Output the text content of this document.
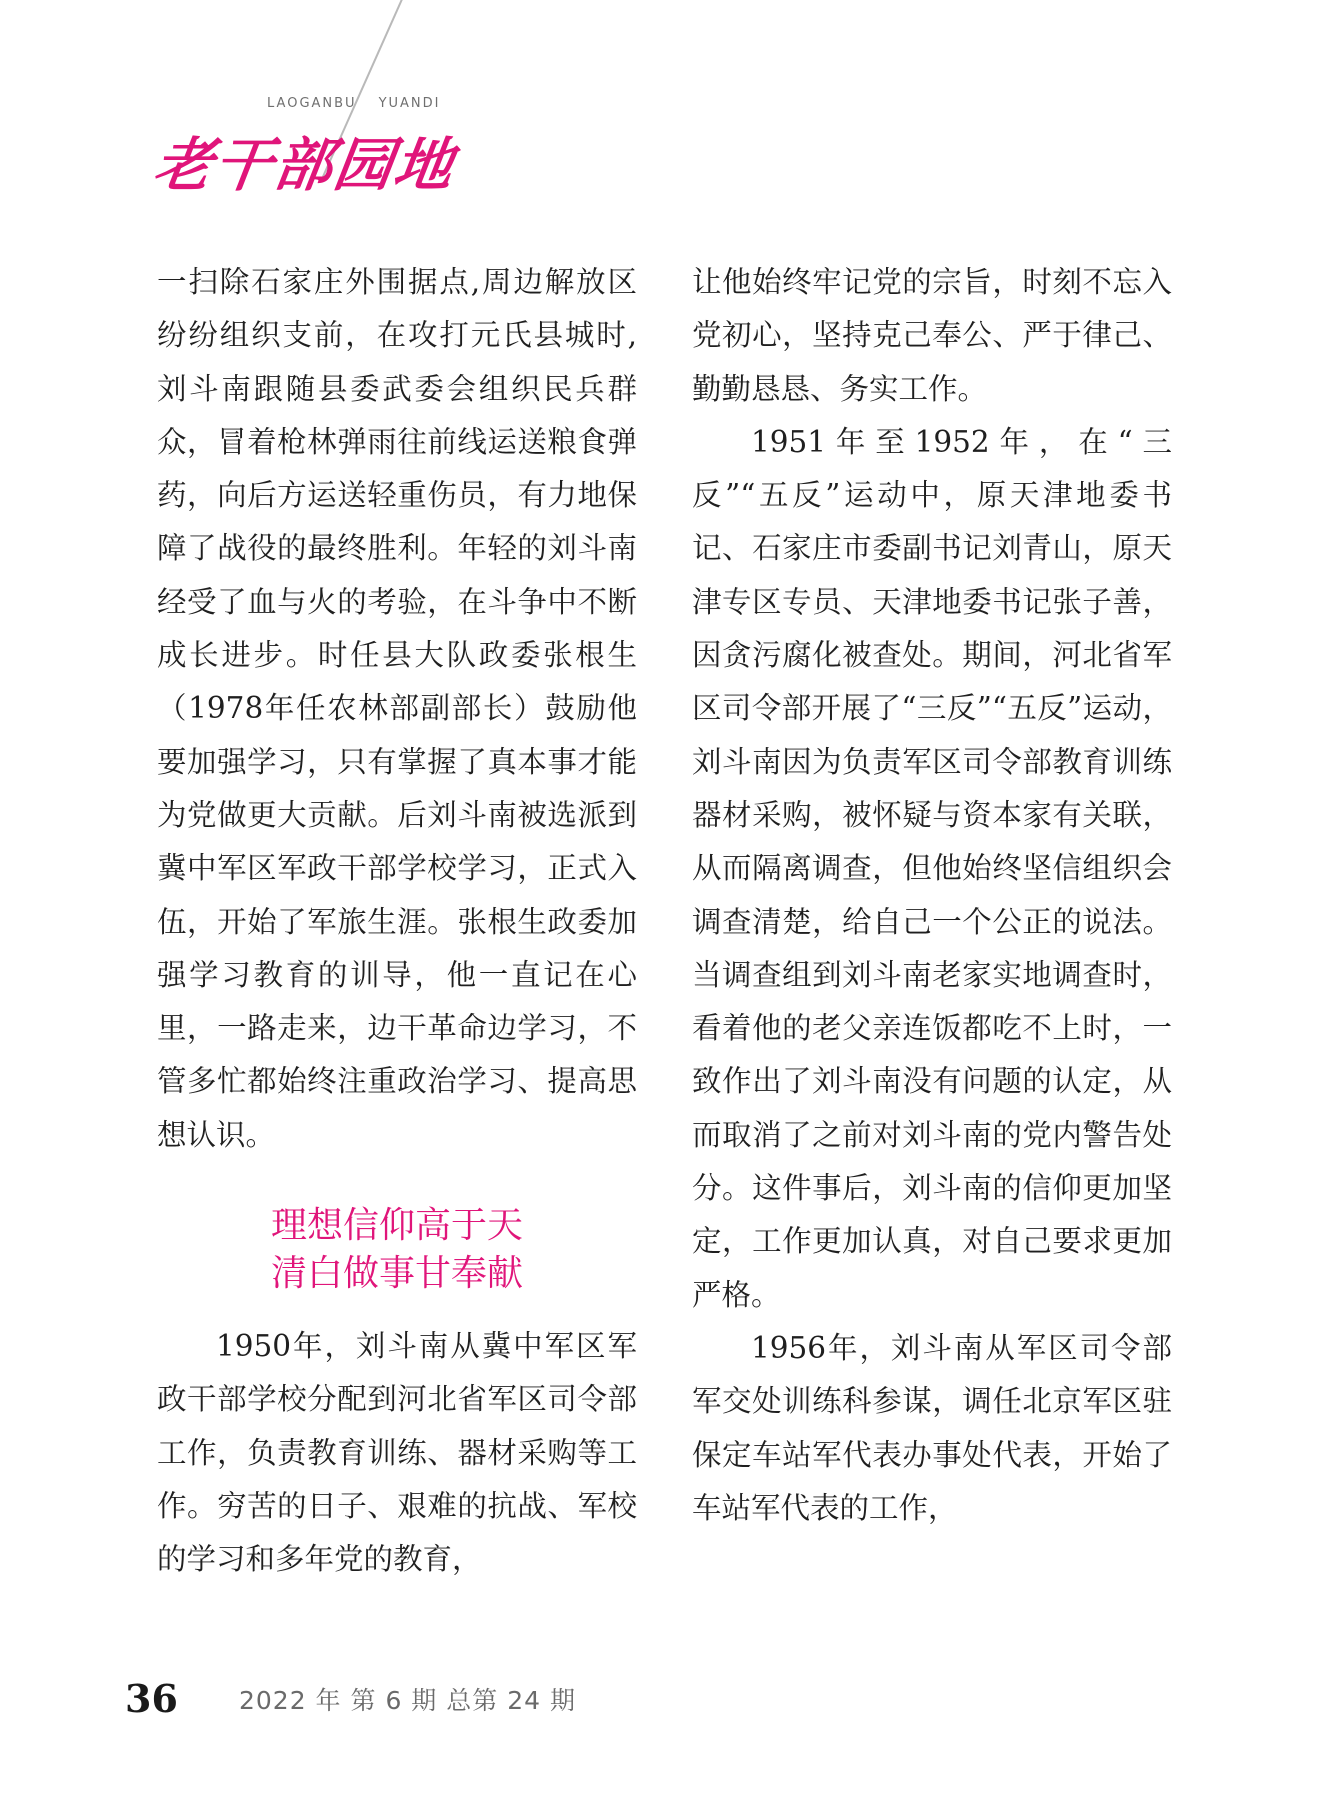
LAOGANBU YUANDI
老干部园地

一扫除石家庄外围据点,周边解放区纷纷组织支前，在攻打元氏县城时,刘斗南跟随县委武委会组织民兵群众，冒着枪林弹雨往前线运送粮食弹药，向后方运送轻重伤员，有力地保障了战役的最终胜利。年轻的刘斗南经受了血与火的考验，在斗争中不断成长进步。时任县大队政委张根生（1978年任农林部副部长）鼓励他要加强学习，只有掌握了真本事才能为党做更大贡献。后刘斗南被选派到冀中军区军政干部学校学习，正式入伍，开始了军旅生涯。张根生政委加强学习教育的训导，他一直记在心里，一路走来，边干革命边学习，不管多忙都始终注重政治学习、提高思想认识。

理想信仰高于天
清白做事甘奉献

1950年，刘斗南从冀中军区军政干部学校分配到河北省军区司令部工作，负责教育训练、器材采购等工作。穷苦的日子、艰难的抗战、军校的学习和多年党的教育，

让他始终牢记党的宗旨，时刻不忘入党初心，坚持克己奉公、严于律己、勤勤恳恳、务实工作。

1951年至1952年，在“三反”“五反”运动中，原天津地委书记、石家庄市委副书记刘青山，原天津专区专员、天津地委书记张子善，因贪污腐化被查处。期间，河北省军区司令部开展了“三反”“五反”运动，刘斗南因为负责军区司令部教育训练器材采购，被怀疑与资本家有关联，从而隔离调查，但他始终坚信组织会调查清楚，给自己一个公正的说法。当调查组到刘斗南老家实地调查时，看着他的老父亲连饭都吃不上时，一致作出了刘斗南没有问题的认定，从而取消了之前对刘斗南的党内警告处分。这件事后，刘斗南的信仰更加坚定，工作更加认真，对自己要求更加严格。

1956年，刘斗南从军区司令部军交处训练科参谋，调任北京军区驻保定车站军代表办事处代表，开始了车站军代表的工作，

36 2022 年 第 6 期 总第 24 期
